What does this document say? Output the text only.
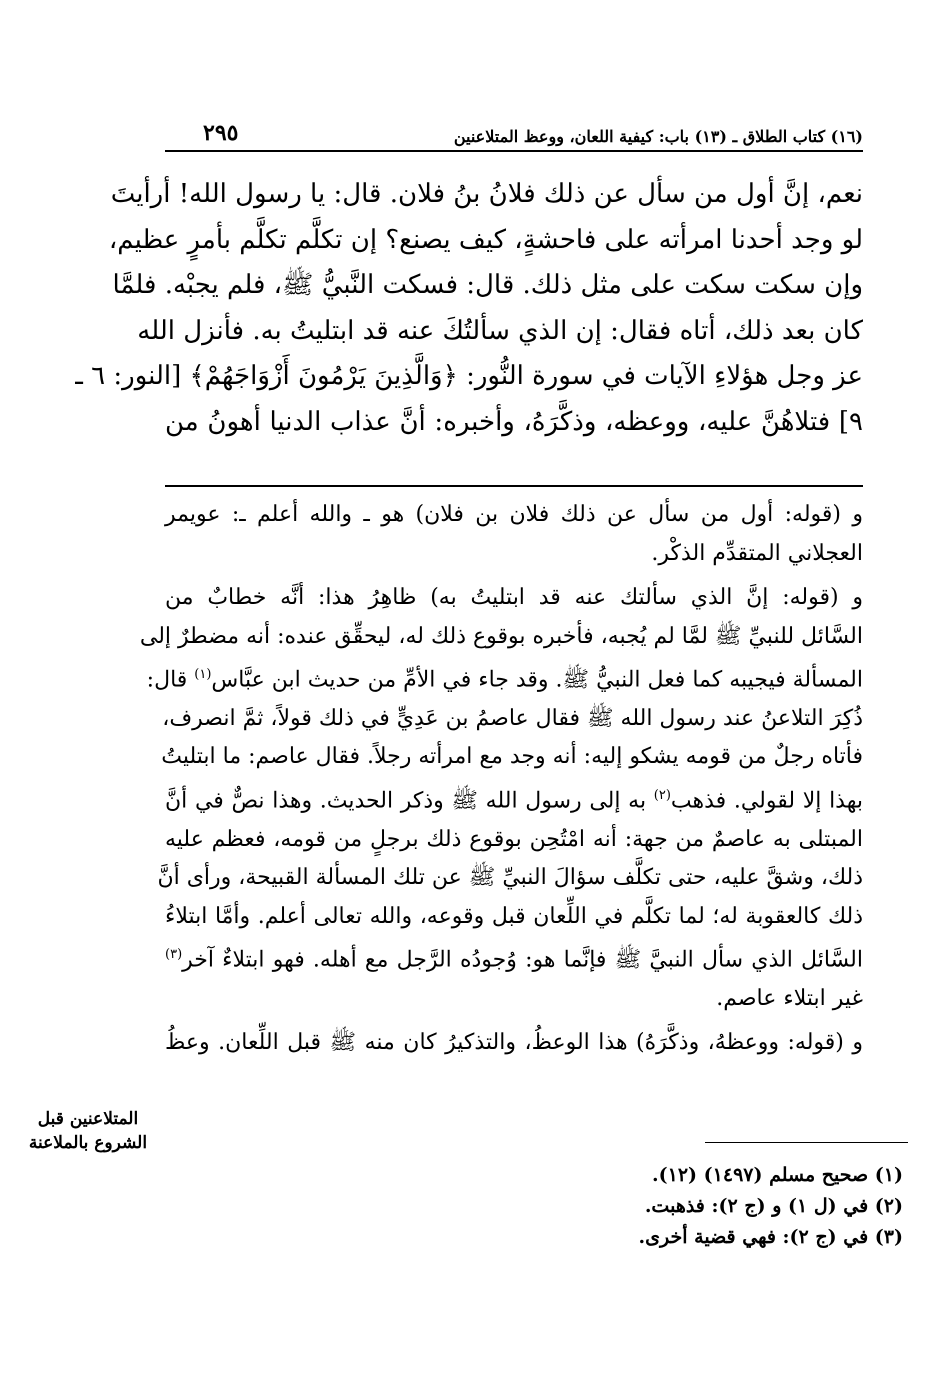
(١٦) كتاب الطلاق ـ (١٣) باب: كيفية اللعان، ووعظ المتلاعنين
٢٩٥
نعم، إنَّ أول من سأل عن ذلك فلانُ بنُ فلان. قال: يا رسول الله! أرأيتَ
لو وجد أحدنا امرأته على فاحشةٍ، كيف يصنع؟ إن تكلَّم تكلَّم بأمرٍ عظيم،
وإن سكت سكت على مثل ذلك. قال: فسكت النَّبيُّ ﷺ، فلم يجبْه. فلمَّا
كان بعد ذلك، أتاه فقال: إن الذي سألتُكَ عنه قد ابتليتُ به. فأنزل الله
عز وجل هؤلاءِ الآيات في سورة النُّور: ﴿وَالَّذِينَ يَرْمُونَ أَزْوَاجَهُمْ﴾ [النور: ٦ ـ
٩] فتلاهُنَّ عليه، ووعظه، وذكَّرَهُ، وأخبره: أنَّ عذاب الدنيا أهونُ من

و (قوله: أول من سأل عن ذلك فلان بن فلان) هو ـ والله أعلم ـ: عويمر
العجلاني المتقدِّم الذكْر.

و (قوله: إنَّ الذي سألتك عنه قد ابتليتُ به) ظاهِرُ هذا: أنَّه خطابٌ من
السَّائل للنبيِّ ﷺ لمَّا لم يُجبه، فأخبره بوقوع ذلك له، ليحقِّق عنده: أنه مضطرٌ إلى
المسألة فيجيبه كما فعل النبيُّ ﷺ. وقد جاء في الأمِّ من حديث ابن عبَّاس$^{(١)}$ قال:
ذُكِرَ التلاعنُ عند رسول الله ﷺ فقال عاصمُ بن عَدِيٍّ في ذلك قولاً، ثمَّ انصرف،
فأتاه رجلٌ من قومه يشكو إليه: أنه وجد مع امرأته رجلاً. فقال عاصم: ما ابتليتُ
بهذا إلا لقولي. فذهب$^{(٢)}$ به إلى رسول الله ﷺ وذكر الحديث. وهذا نصٌّ في أنَّ
المبتلى به عاصمٌ من جهة: أنه امْتُحِن بوقوع ذلك برجلٍ من قومه، فعظم عليه
ذلك، وشقَّ عليه، حتى تكلَّف سؤالَ النبيِّ ﷺ عن تلك المسألة القبيحة، ورأى أنَّ
ذلك كالعقوبة له؛ لما تكلَّم في اللِّعان قبل وقوعه، والله تعالى أعلم. وأمَّا ابتلاءُ
السَّائل الذي سأل النبيَّ ﷺ فإنَّما هو: وُجودُه الرَّجل مع أهله. فهو ابتلاءٌ آخر$^{(٣)}$
غير ابتلاء عاصم.

و (قوله: ووعظهُ، وذكَّرَهُ) هذا الوعظُ، والتذكيرُ كان منه ﷺ قبل اللِّعان. وعظُ

المتلاعنين قبل
الشروع بالملاعنة
(١) صحيح مسلم (١٤٩٧) (١٢).
(٢) في (ل ١) و (ج ٢): فذهبت.
(٣) في (ج ٢): فهي قضية أخرى.
